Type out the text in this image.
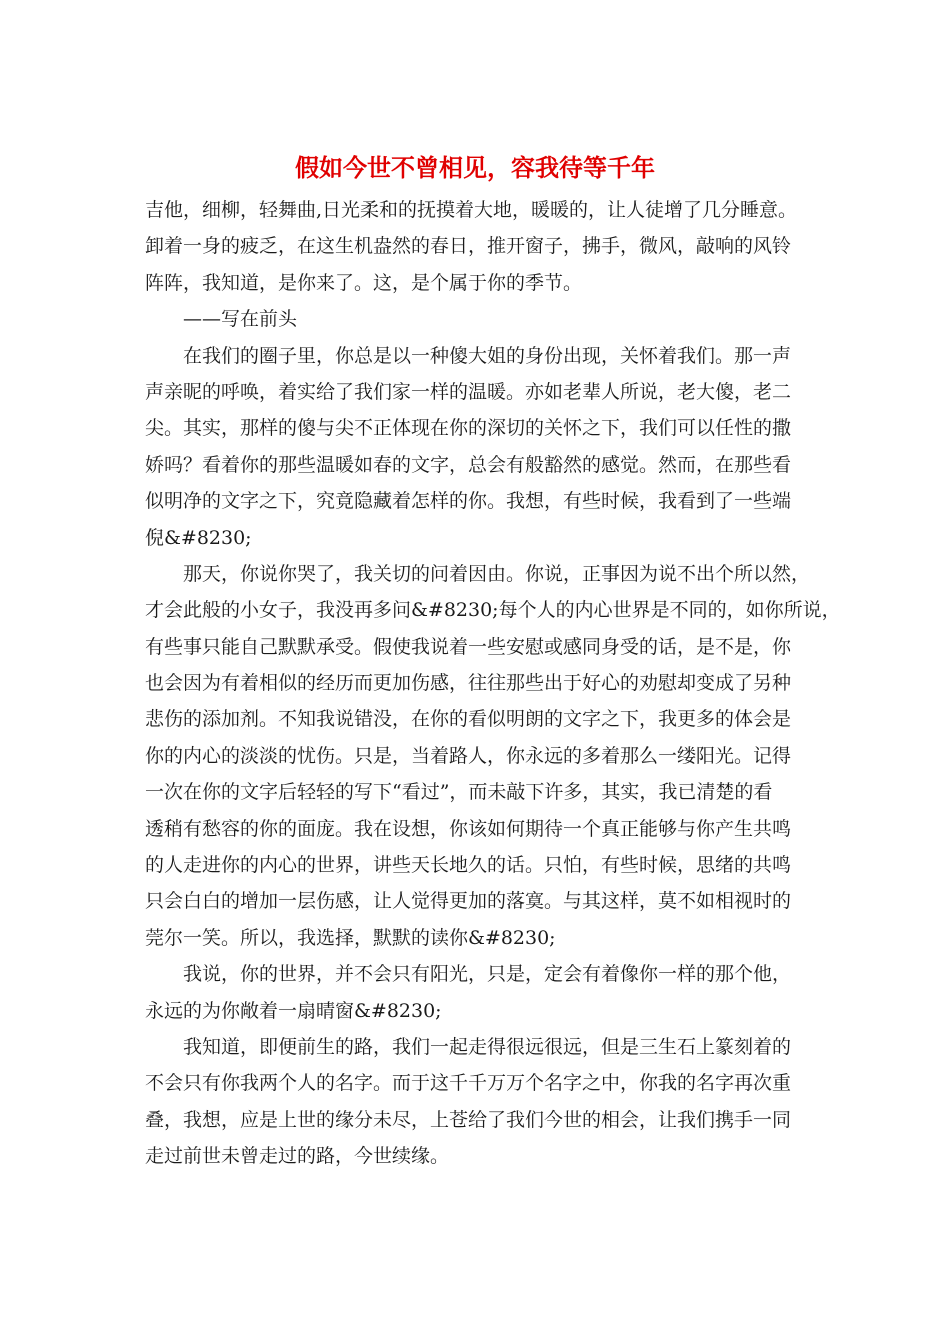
假如今世不曾相见，容我待等千年
吉他，细柳，轻舞曲,日光柔和的抚摸着大地，暖暖的，让人徒增了几分睡意。
卸着一身的疲乏，在这生机盎然的春日，推开窗子，拂手，微风，敲响的风铃
阵阵，我知道，是你来了。这，是个属于你的季节。
——写在前头
在我们的圈子里，你总是以一种傻大姐的身份出现，关怀着我们。那一声
声亲昵的呼唤，着实给了我们家一样的温暖。亦如老辈人所说，老大傻，老二
尖。其实，那样的傻与尖不正体现在你的深切的关怀之下，我们可以任性的撒
娇吗？看着你的那些温暖如春的文字，总会有般豁然的感觉。然而，在那些看
似明净的文字之下，究竟隐藏着怎样的你。我想，有些时候，我看到了一些端
倪&#8230;
那天，你说你哭了，我关切的问着因由。你说，正事因为说不出个所以然，
才会此般的小女子，我没再多问&#8230;每个人的内心世界是不同的，如你所说，
有些事只能自己默默承受。假使我说着一些安慰或感同身受的话，是不是，你
也会因为有着相似的经历而更加伤感，往往那些出于好心的劝慰却变成了另种
悲伤的添加剂。不知我说错没，在你的看似明朗的文字之下，我更多的体会是
你的内心的淡淡的忧伤。只是，当着路人，你永远的多着那么一缕阳光。记得
一次在你的文字后轻轻的写下“看过”，而未敲下许多，其实，我已清楚的看
透稍有愁容的你的面庞。我在设想，你该如何期待一个真正能够与你产生共鸣
的人走进你的内心的世界，讲些天长地久的话。只怕，有些时候，思绪的共鸣
只会白白的增加一层伤感，让人觉得更加的落寞。与其这样，莫不如相视时的
莞尔一笑。所以，我选择，默默的读你&#8230;
我说，你的世界，并不会只有阳光，只是，定会有着像你一样的那个他，
永远的为你敞着一扇晴窗&#8230;
我知道，即便前生的路，我们一起走得很远很远，但是三生石上篆刻着的
不会只有你我两个人的名字。而于这千千万万个名字之中，你我的名字再次重
叠，我想，应是上世的缘分未尽，上苍给了我们今世的相会，让我们携手一同
走过前世未曾走过的路，今世续缘。
